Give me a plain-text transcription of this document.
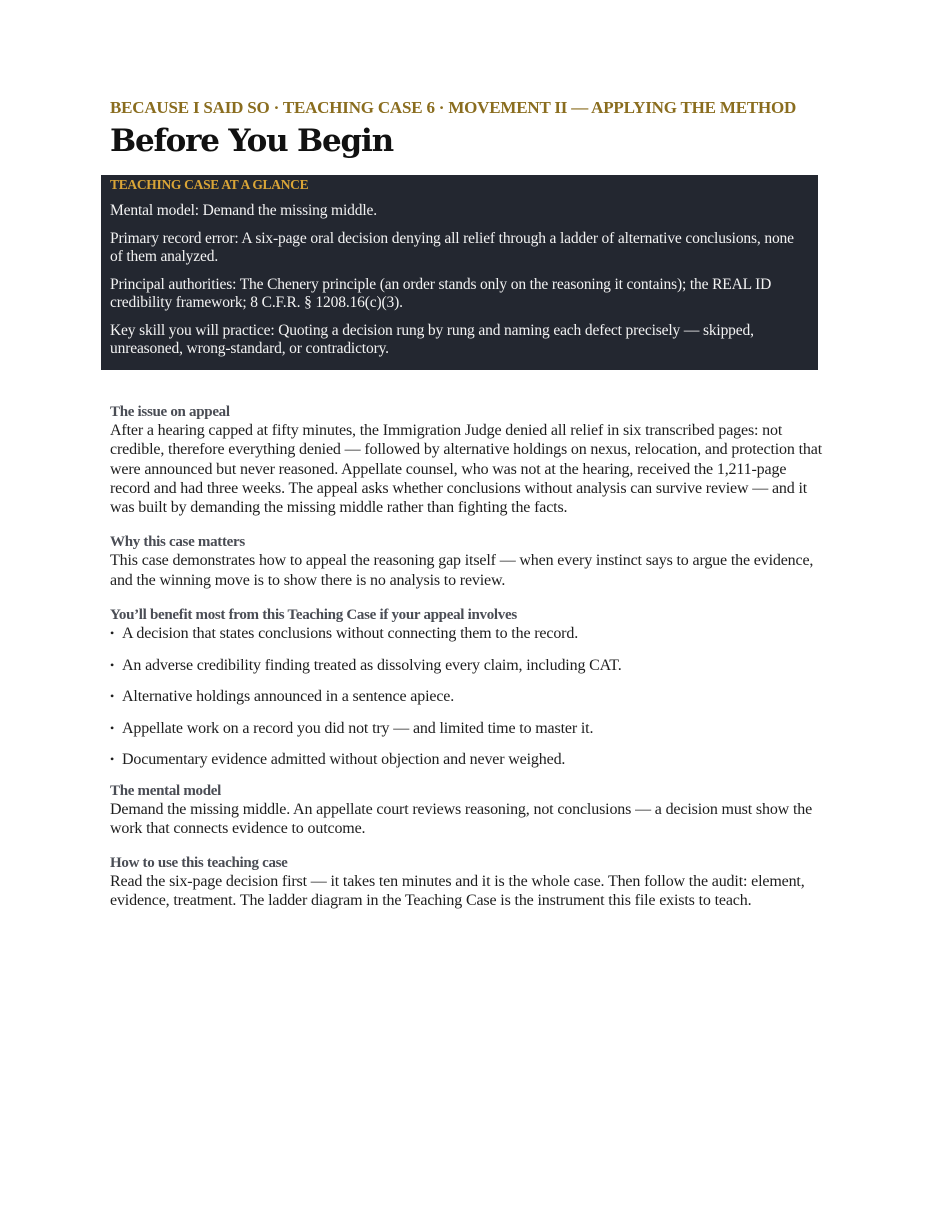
BECAUSE I SAID SO · TEACHING CASE 6 · MOVEMENT II — APPLYING THE METHOD

Before You Begin

TEACHING CASE AT A GLANCE

Mental model: Demand the missing middle.

Primary record error: A six-page oral decision denying all relief through a ladder of alternative conclusions, none of them analyzed.

Principal authorities: The Chenery principle (an order stands only on the reasoning it contains); the REAL ID credibility framework; 8 C.F.R. § 1208.16(c)(3).

Key skill you will practice: Quoting a decision rung by rung and naming each defect precisely — skipped, unreasoned, wrong-standard, or contradictory.

The issue on appeal

After a hearing capped at fifty minutes, the Immigration Judge denied all relief in six transcribed pages: not credible, therefore everything denied — followed by alternative holdings on nexus, relocation, and protection that were announced but never reasoned. Appellate counsel, who was not at the hearing, received the 1,211-page record and had three weeks. The appeal asks whether conclusions without analysis can survive review — and it was built by demanding the missing middle rather than fighting the facts.

Why this case matters

This case demonstrates how to appeal the reasoning gap itself — when every instinct says to argue the evidence, and the winning move is to show there is no analysis to review.

You’ll benefit most from this Teaching Case if your appeal involves

• A decision that states conclusions without connecting them to the record.
• An adverse credibility finding treated as dissolving every claim, including CAT.
• Alternative holdings announced in a sentence apiece.
• Appellate work on a record you did not try — and limited time to master it.
• Documentary evidence admitted without objection and never weighed.

The mental model

Demand the missing middle. An appellate court reviews reasoning, not conclusions — a decision must show the work that connects evidence to outcome.

How to use this teaching case

Read the six-page decision first — it takes ten minutes and it is the whole case. Then follow the audit: element, evidence, treatment. The ladder diagram in the Teaching Case is the instrument this file exists to teach.
